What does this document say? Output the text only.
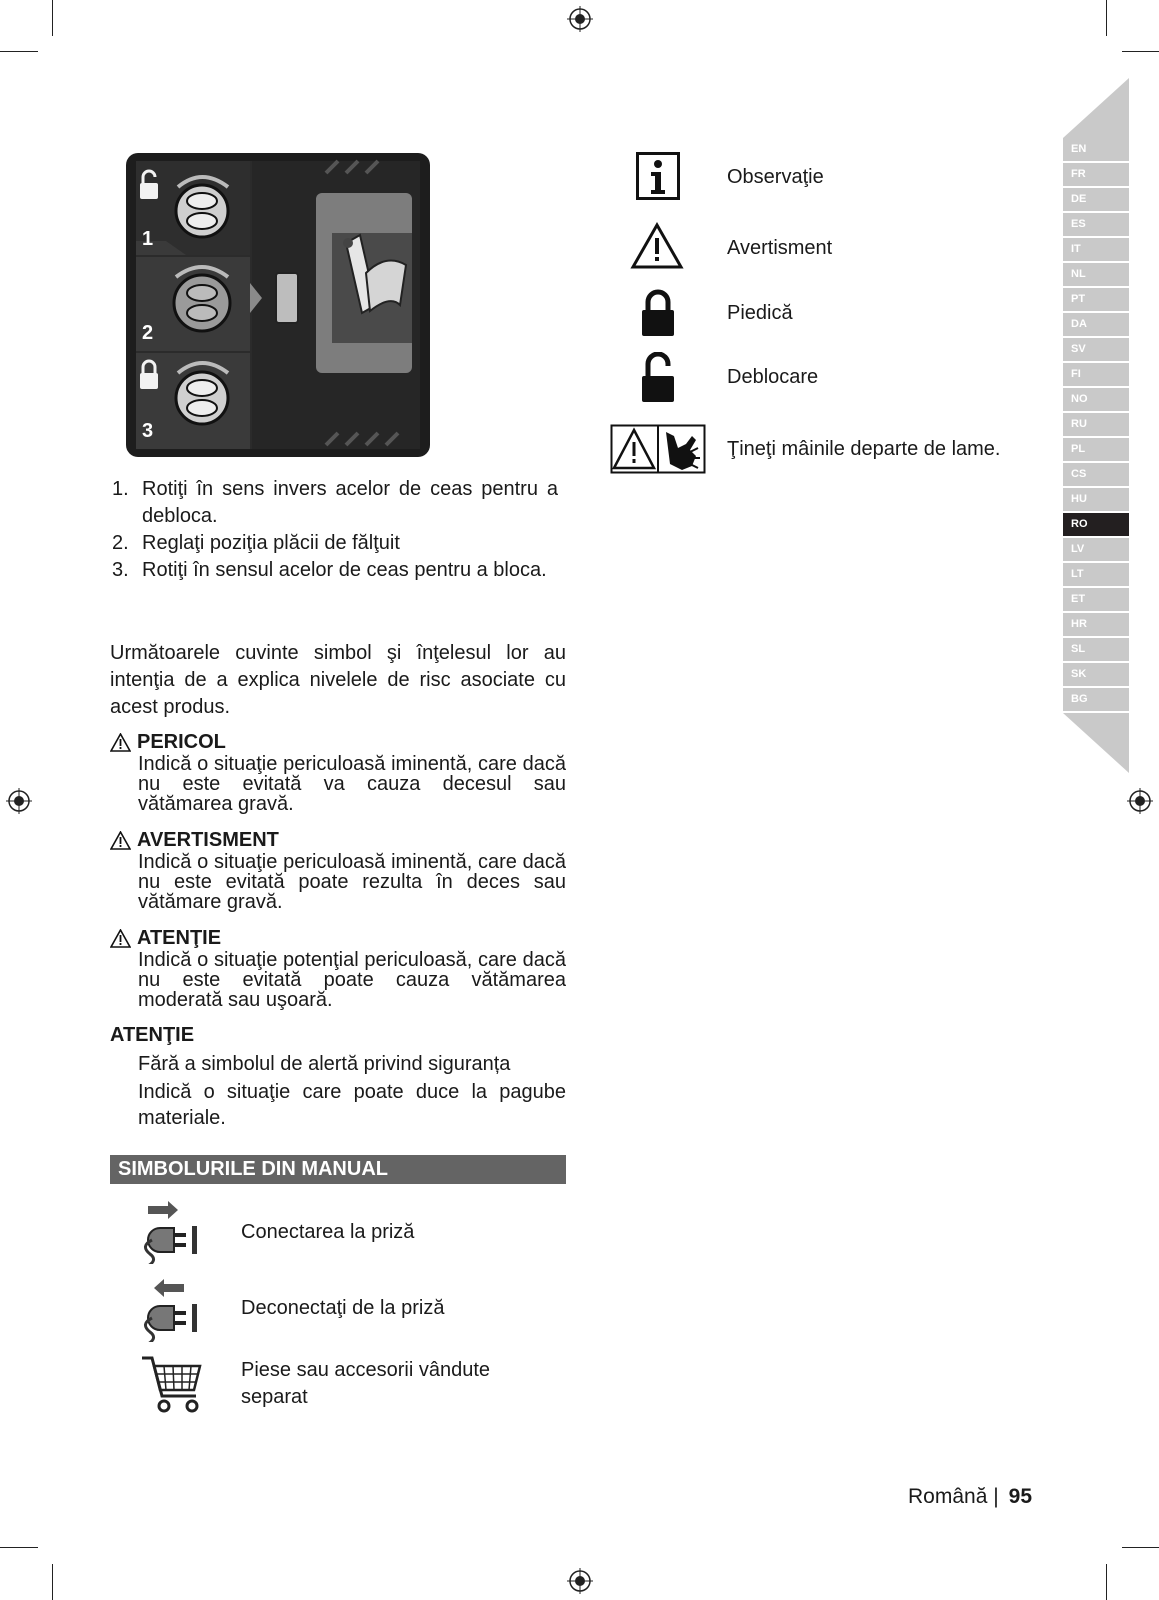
1
2
3
1. Rotiţi în sens invers acelor de ceas pentru a debloca.
2. Reglaţi poziţia plăcii de fălţuit
3. Rotiţi în sensul acelor de ceas pentru a bloca.

Următoarele cuvinte simbol şi înţelesul lor au intenţia de a explica nivelele de risc asociate cu acest produs.

PERICOL
Indică o situaţie periculoasă iminentă, care dacă nu este evitată va cauza decesul sau vătămarea gravă.
AVERTISMENT
Indică o situaţie periculoasă iminentă, care dacă nu este evitată poate rezulta în deces sau vătămare gravă.
ATENŢIE
Indică o situaţie potenţial periculoasă, care dacă nu este evitată poate cauza vătămarea moderată sau uşoară.
ATENŢIE
Fără a simbolul de alertă privind siguranța
Indică o situaţie care poate duce la pagube materiale.
SIMBOLURILE DIN MANUAL
Conectarea la priză
Deconectaţi de la priză
Piese sau accesorii vândute separat
Observaţie
Avertisment
Piedică
Deblocare
Ţineţi mâinile departe de lame.
EN
FR
DE
ES
IT
NL
PT
DA
SV
FI
NO
RU
PL
CS
HU
RO
LV
LT
ET
HR
SL
SK
BG
Română | 95
